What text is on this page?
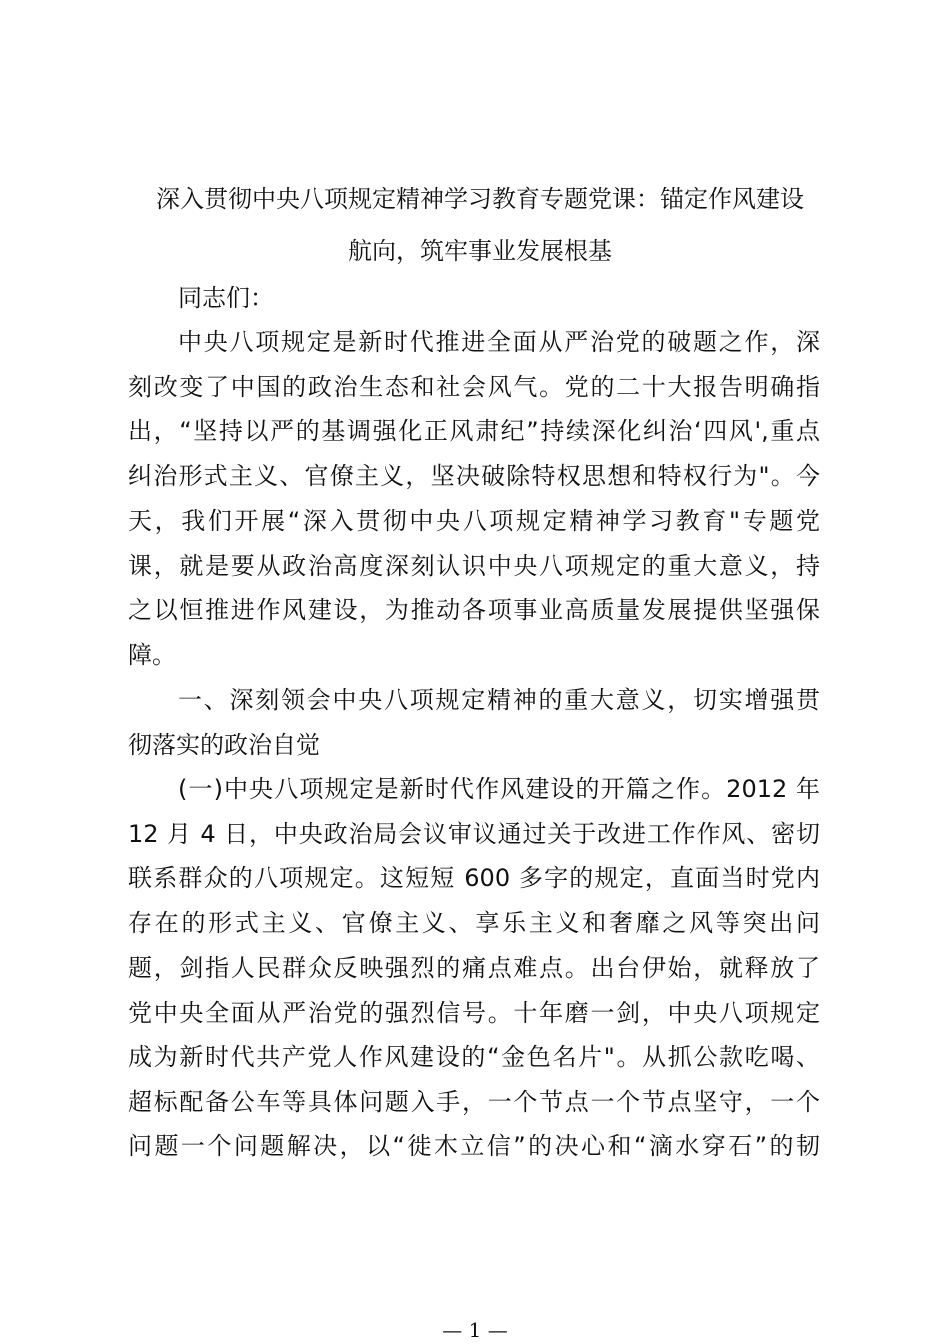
深入贯彻中央八项规定精神学习教育专题党课：锚定作风建设
航向，筑牢事业发展根基
同志们：
中央八项规定是新时代推进全面从严治党的破题之作，深
刻改变了中国的政治生态和社会风气。党的二十大报告明确指
出，“坚持以严的基调强化正风肃纪”持续深化纠治‘四风',重点
纠治形式主义、官僚主义，坚决破除特权思想和特权行为"。今
天，我们开展“深入贯彻中央八项规定精神学习教育"专题党
课，就是要从政治高度深刻认识中央八项规定的重大意义，持
之以恒推进作风建设，为推动各项事业高质量发展提供坚强保
障。
一、深刻领会中央八项规定精神的重大意义，切实增强贯
彻落实的政治自觉
(一)中央八项规定是新时代作风建设的开篇之作。2012 年
12 月 4 日，中央政治局会议审议通过关于改进工作作风、密切
联系群众的八项规定。这短短 600 多字的规定，直面当时党内
存在的形式主义、官僚主义、享乐主义和奢靡之风等突出问
题，剑指人民群众反映强烈的痛点难点。出台伊始，就释放了
党中央全面从严治党的强烈信号。十年磨一剑，中央八项规定
成为新时代共产党人作风建设的“金色名片"。从抓公款吃喝、
超标配备公车等具体问题入手，一个节点一个节点坚守，一个
问题一个问题解决，以“徙木立信”的决心和“滴水穿石”的韧
— 1 —
